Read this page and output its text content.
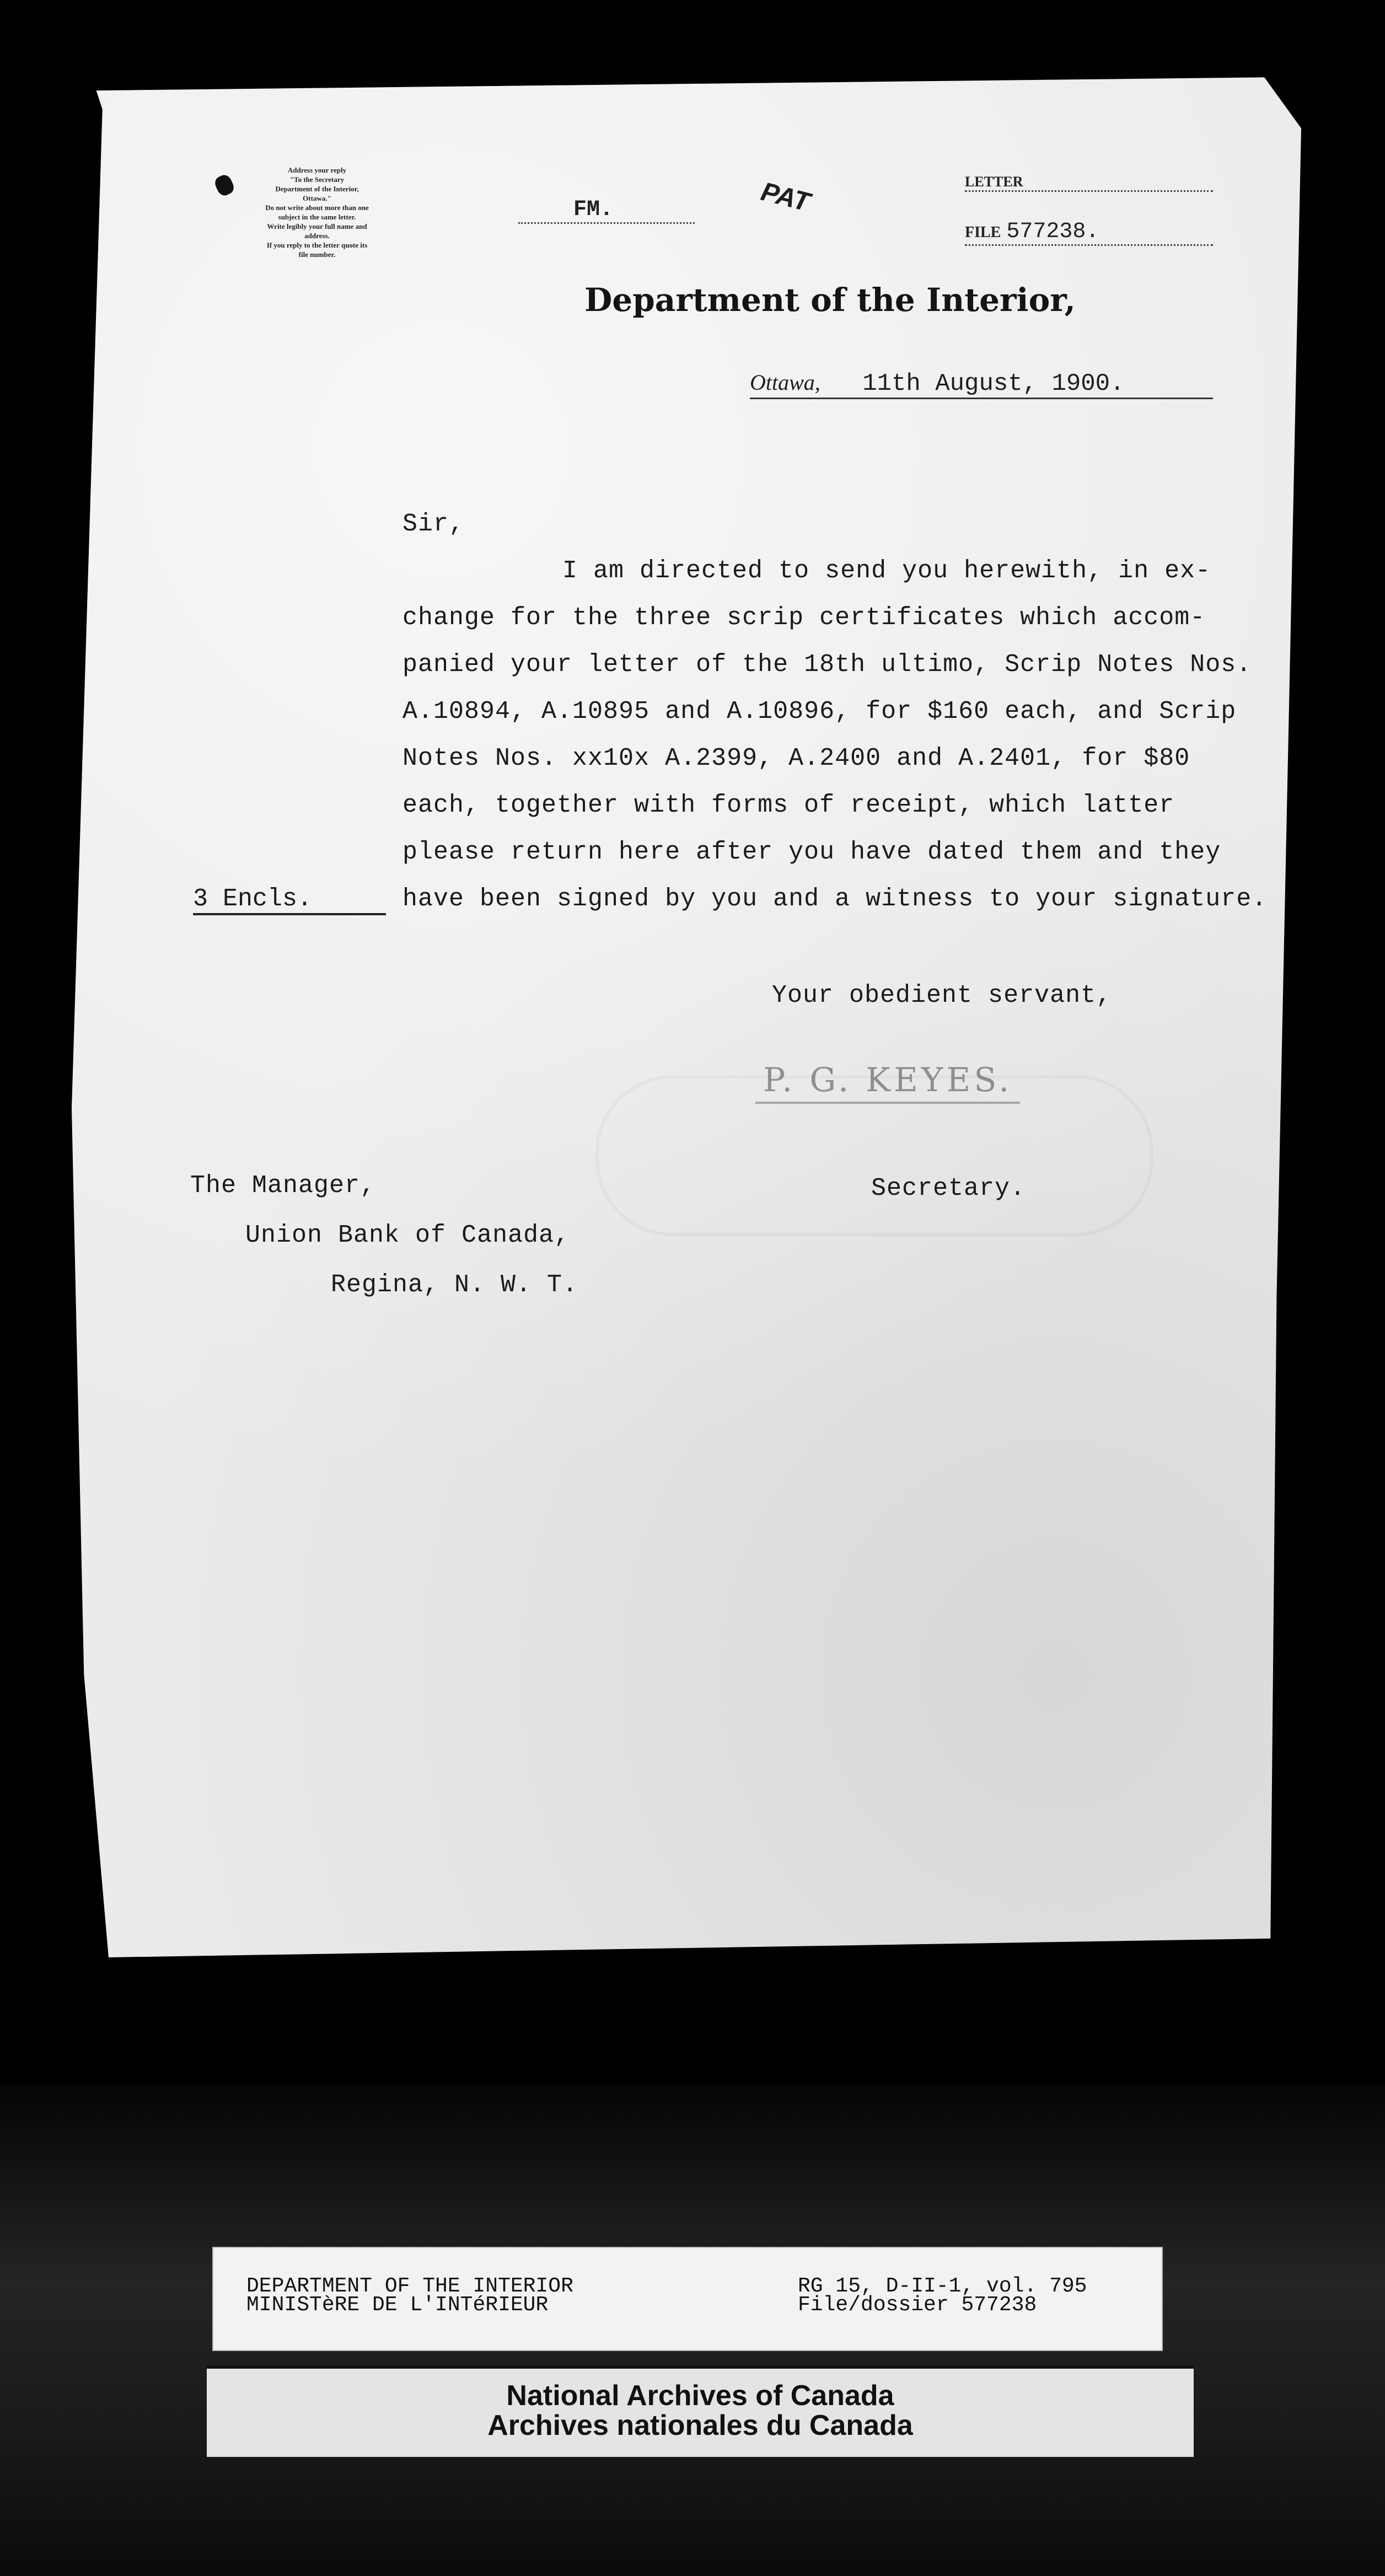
Address your reply
"To the Secretary
Department of the Interior,
Ottawa."
Do not write about more than one
subject in the same letter.
Write legibly your full name and
address.
If you reply to the letter quote its
file number.
FM.	PAT	LETTER
FILE 577238.
Department of the Interior,
Ottawa, 11th August, 1900.
Sir,
I am directed to send you herewith, in ex-
change for the three scrip certificates which accom-
panied your letter of the 18th ultimo, Scrip Notes Nos.
A.10894, A.10895 and A.10896, for $160 each, and Scrip
Notes Nos. xx10x A.2399, A.2400 and A.2401, for $80
each, together with forms of receipt, which latter
please return here after you have dated them and they
have been signed by you and a witness to your signature.
3 Encls.
Your obedient servant,
P. G. KEYES.
Secretary.
The Manager,
Union Bank of Canada,
Regina, N. W. T.
DEPARTMENT OF THE INTERIOR
MINISTèRE DE L'INTéRIEUR
RG 15, D-II-1, vol. 795
File/dossier 577238
National Archives of Canada
Archives nationales du Canada
